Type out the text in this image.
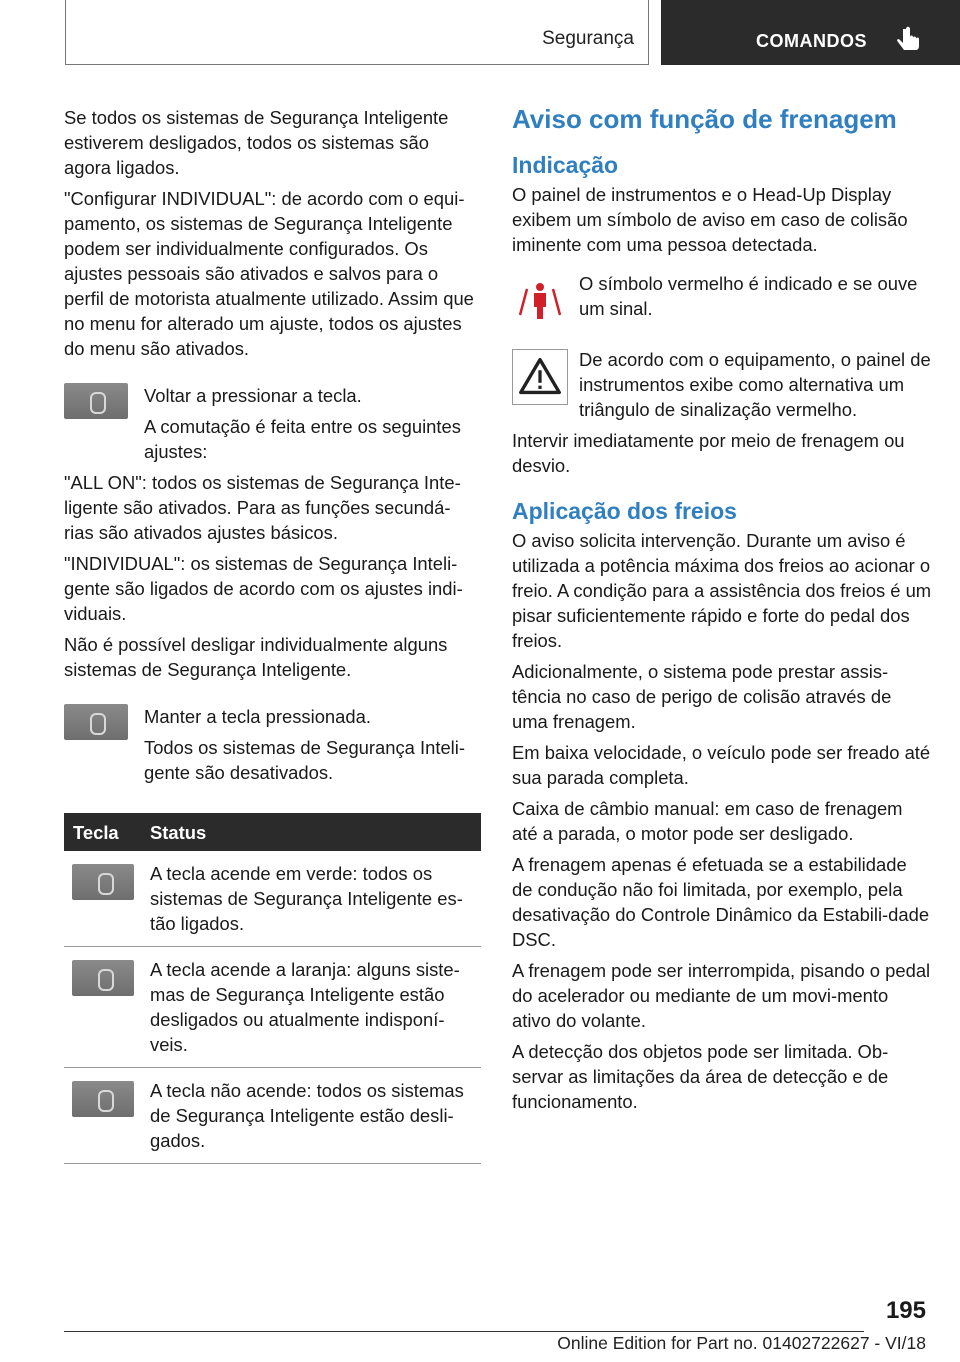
Segurança	COMANDOS

Se todos os sistemas de Segurança Inteligente estiverem desligados, todos os sistemas são agora ligados.

"Configurar INDIVIDUAL": de acordo com o equi-pamento, os sistemas de Segurança Inteligente podem ser individualmente configurados. Os ajustes pessoais são ativados e salvos para o perfil de motorista atualmente utilizado. Assim que no menu for alterado um ajuste, todos os ajustes do menu são ativados.

Voltar a pressionar a tecla.

A comutação é feita entre os seguintes ajustes:

"ALL ON": todos os sistemas de Segurança Inte-ligente são ativados. Para as funções secundá-rias são ativados ajustes básicos.

"INDIVIDUAL": os sistemas de Segurança Inteli-gente são ligados de acordo com os ajustes indi-viduais.

Não é possível desligar individualmente alguns sistemas de Segurança Inteligente.

Manter a tecla pressionada.

Todos os sistemas de Segurança Inteli-gente são desativados.

Tecla	Status
A tecla acende em verde: todos os sistemas de Segurança Inteligente es-tão ligados.
A tecla acende a laranja: alguns siste-mas de Segurança Inteligente estão desligados ou atualmente indisponí-veis.
A tecla não acende: todos os sistemas de Segurança Inteligente estão desli-gados.
Aviso com função de frenagem
Indicação

O painel de instrumentos e o Head-Up Display exibem um símbolo de aviso em caso de colisão iminente com uma pessoa detectada.

O símbolo vermelho é indicado e se ouve um sinal.

De acordo com o equipamento, o painel de instrumentos exibe como alternativa um triângulo de sinalização vermelho.

Intervir imediatamente por meio de frenagem ou desvio.

Aplicação dos freios

O aviso solicita intervenção. Durante um aviso é utilizada a potência máxima dos freios ao acionar o freio. A condição para a assistência dos freios é um pisar suficientemente rápido e forte do pedal dos freios.

Adicionalmente, o sistema pode prestar assis-tência no caso de perigo de colisão através de uma frenagem.

Em baixa velocidade, o veículo pode ser freado até sua parada completa.

Caixa de câmbio manual: em caso de frenagem até a parada, o motor pode ser desligado.

A frenagem apenas é efetuada se a estabilidade de condução não foi limitada, por exemplo, pela desativação do Controle Dinâmico da Estabili-dade DSC.

A frenagem pode ser interrompida, pisando o pedal do acelerador ou mediante de um movi-mento ativo do volante.

A detecção dos objetos pode ser limitada. Ob-servar as limitações da área de detecção e de funcionamento.

195
Online Edition for Part no. 01402722627 - VI/18
